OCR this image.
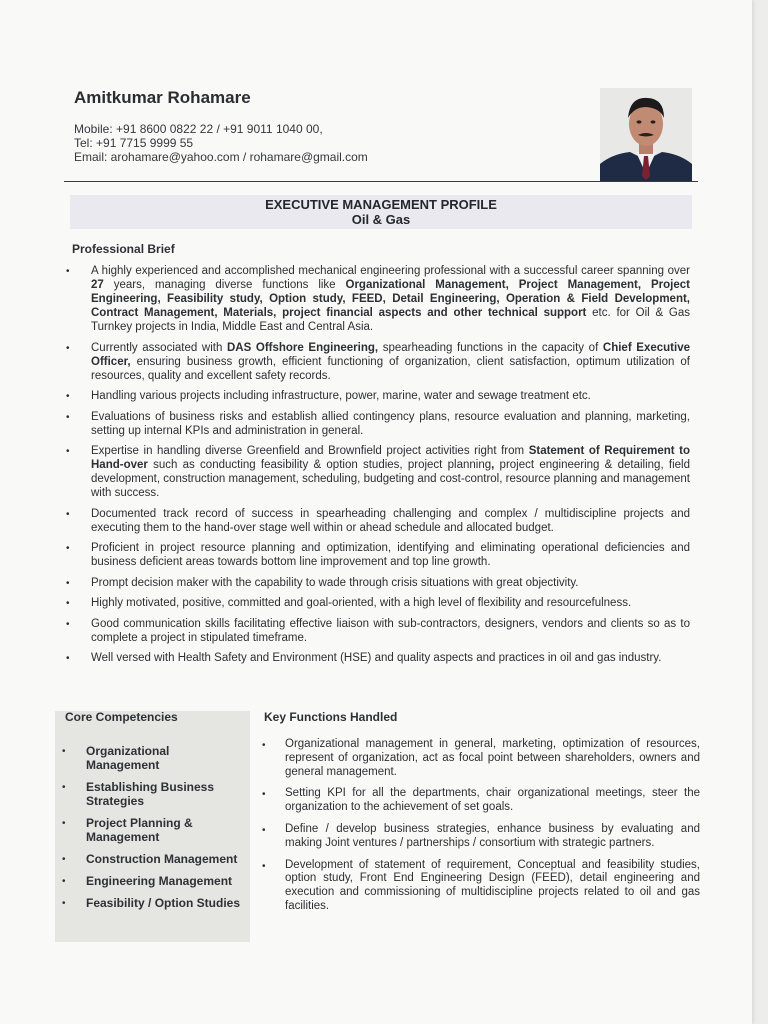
Amitkumar Rohamare
Mobile: +91 8600 0822 22 / +91 9011 1040 00,
Tel: +91 7715 9999 55
Email: arohamare@yahoo.com / rohamare@gmail.com
EXECUTIVE MANAGEMENT PROFILE
Oil & Gas
Professional Brief
• A highly experienced and accomplished mechanical engineering professional with a successful career spanning over 27 years, managing diverse functions like Organizational Management, Project Management, Project Engineering, Feasibility study, Option study, FEED, Detail Engineering, Operation & Field Development, Contract Management, Materials, project financial aspects and other technical support etc. for Oil & Gas Turnkey projects in India, Middle East and Central Asia.
• Currently associated with DAS Offshore Engineering, spearheading functions in the capacity of Chief Executive Officer, ensuring business growth, efficient functioning of organization, client satisfaction, optimum utilization of resources, quality and excellent safety records.
• Handling various projects including infrastructure, power, marine, water and sewage treatment etc.
• Evaluations of business risks and establish allied contingency plans, resource evaluation and planning, marketing, setting up internal KPIs and administration in general.
• Expertise in handling diverse Greenfield and Brownfield project activities right from Statement of Requirement to Hand-over such as conducting feasibility & option studies, project planning, project engineering & detailing, field development, construction management, scheduling, budgeting and cost-control, resource planning and management with success.
• Documented track record of success in spearheading challenging and complex / multidiscipline projects and executing them to the hand-over stage well within or ahead schedule and allocated budget.
• Proficient in project resource planning and optimization, identifying and eliminating operational deficiencies and business deficient areas towards bottom line improvement and top line growth.
• Prompt decision maker with the capability to wade through crisis situations with great objectivity.
• Highly motivated, positive, committed and goal-oriented, with a high level of flexibility and resourcefulness.
• Good communication skills facilitating effective liaison with sub-contractors, designers, vendors and clients so as to complete a project in stipulated timeframe.
• Well versed with Health Safety and Environment (HSE) and quality aspects and practices in oil and gas industry.
Core Competencies
• Organizational Management
• Establishing Business Strategies
• Project Planning & Management
• Construction Management
• Engineering Management
• Feasibility / Option Studies
Key Functions Handled
• Organizational management in general, marketing, optimization of resources, represent of organization, act as focal point between shareholders, owners and general management.
• Setting KPI for all the departments, chair organizational meetings, steer the organization to the achievement of set goals.
• Define / develop business strategies, enhance business by evaluating and making Joint ventures / partnerships / consortium with strategic partners.
• Development of statement of requirement, Conceptual and feasibility studies, option study, Front End Engineering Design (FEED), detail engineering and execution and commissioning of multidiscipline projects related to oil and gas facilities.
